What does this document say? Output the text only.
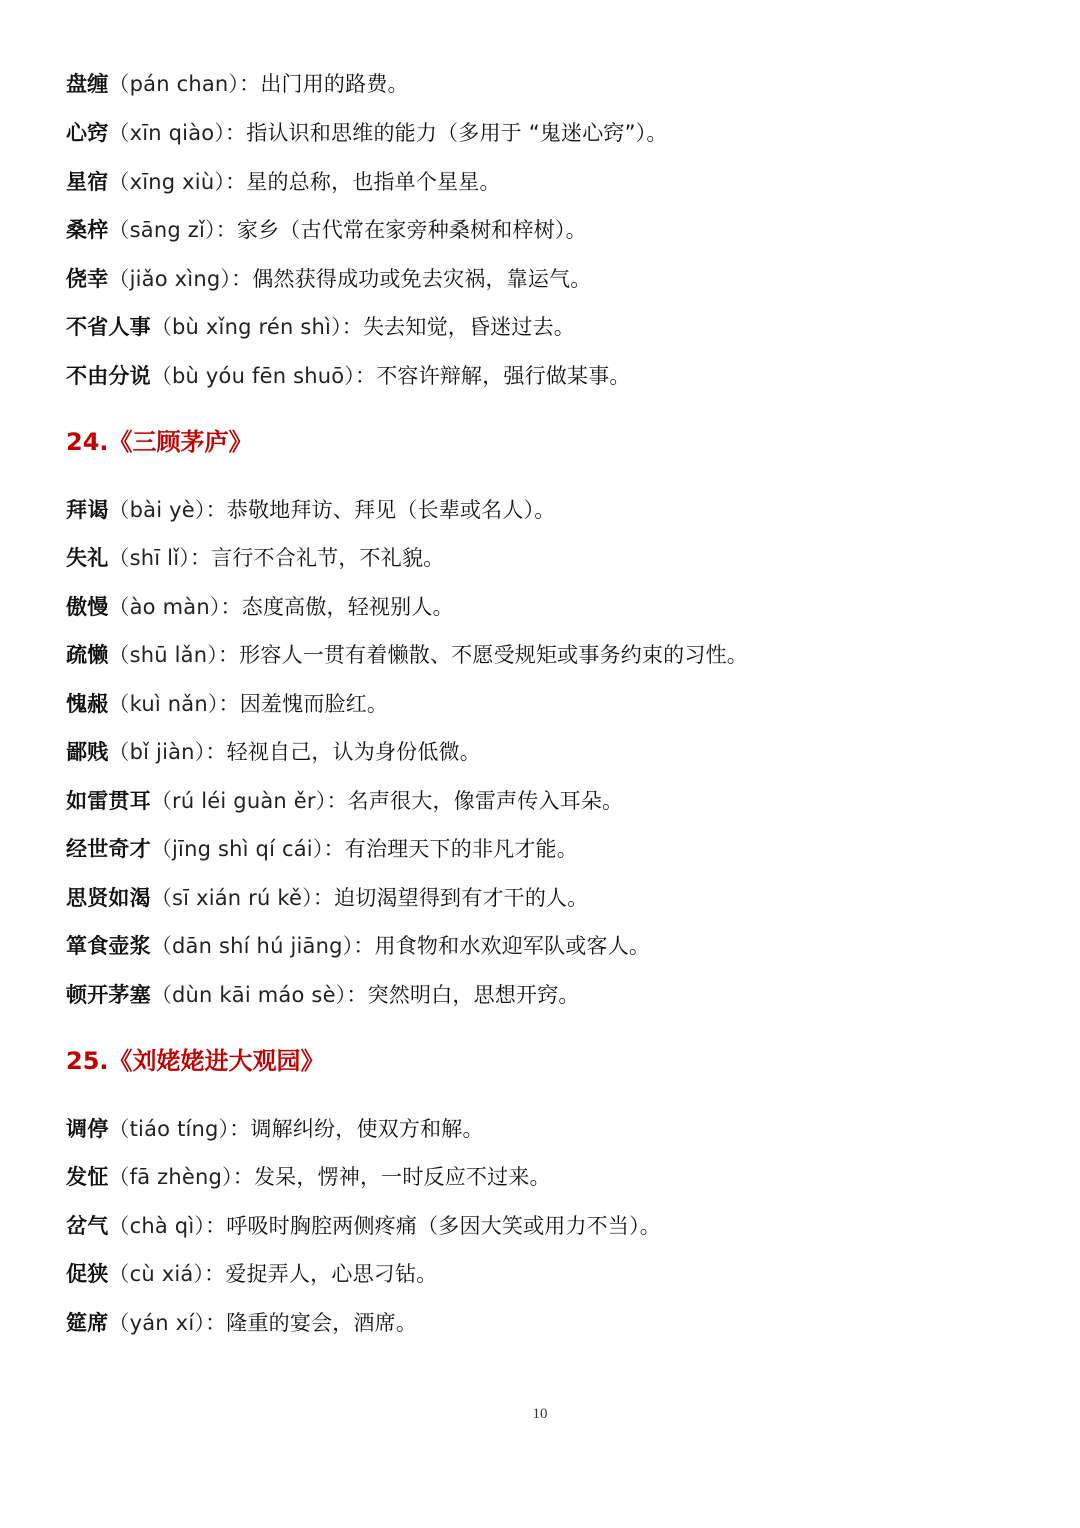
盘缠（pán chan）：出门用的路费。
心窍（xīn qiào）：指认识和思维的能力（多用于 “鬼迷心窍”）。
星宿（xīng xiù）：星的总称，也指单个星星。
桑梓（sāng zǐ）：家乡（古代常在家旁种桑树和梓树）。
侥幸（jiǎo xìng）：偶然获得成功或免去灾祸，靠运气。
不省人事（bù xǐng rén shì）：失去知觉，昏迷过去。
不由分说（bù yóu fēn shuō）：不容许辩解，强行做某事。
24.《三顾茅庐》
拜谒（bài yè）：恭敬地拜访、拜见（长辈或名人）。
失礼（shī lǐ）：言行不合礼节，不礼貌。
傲慢（ào màn）：态度高傲，轻视别人。
疏懒（shū lǎn）：形容人一贯有着懒散、不愿受规矩或事务约束的习性。
愧赧（kuì nǎn）：因羞愧而脸红。
鄙贱（bǐ jiàn）：轻视自己，认为身份低微。
如雷贯耳（rú léi guàn ěr）：名声很大，像雷声传入耳朵。
经世奇才（jīng shì qí cái）：有治理天下的非凡才能。
思贤如渴（sī xián rú kě）：迫切渴望得到有才干的人。
箪食壶浆（dān shí hú jiāng）：用食物和水欢迎军队或客人。
顿开茅塞（dùn kāi máo sè）：突然明白，思想开窍。
25.《刘姥姥进大观园》
调停（tiáo tíng）：调解纠纷，使双方和解。
发怔（fā zhèng）：发呆，愣神，一时反应不过来。
岔气（chà qì）：呼吸时胸腔两侧疼痛（多因大笑或用力不当）。
促狭（cù xiá）：爱捉弄人，心思刁钻。
筵席（yán xí）：隆重的宴会，酒席。
10
